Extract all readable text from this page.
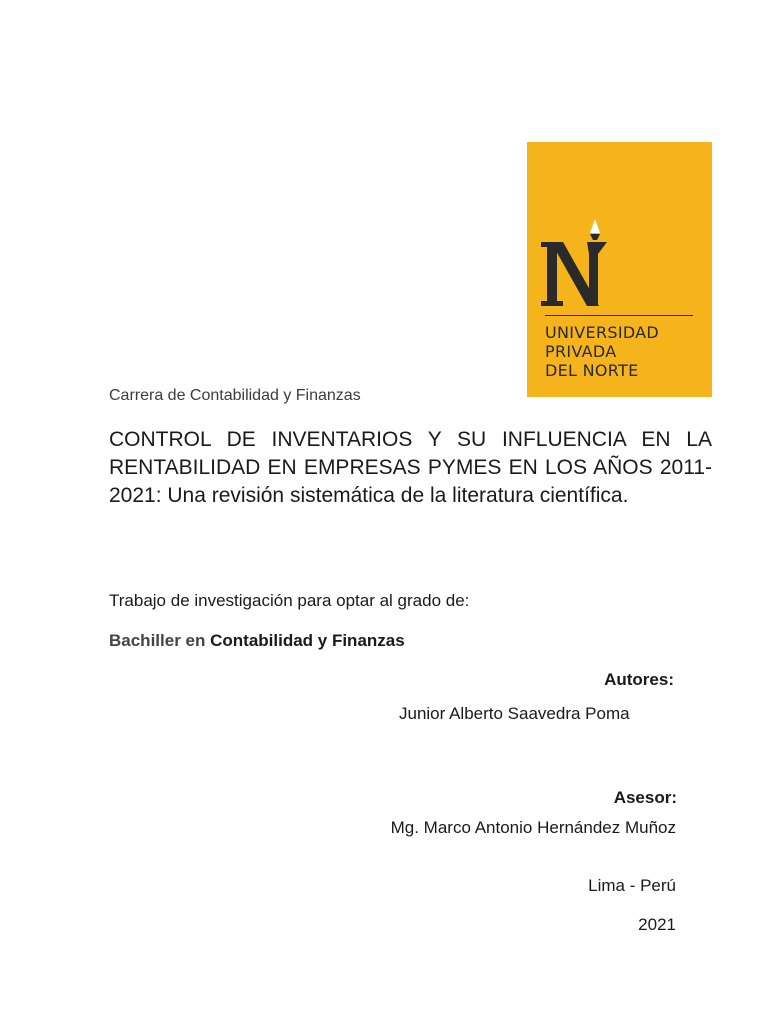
UNIVERSIDAD
PRIVADA
DEL NORTE
Carrera de Contabilidad y Finanzas
CONTROL DE INVENTARIOS Y SU INFLUENCIA EN LA RENTABILIDAD EN EMPRESAS PYMES EN LOS AÑOS 2011-2021: Una revisión sistemática de la literatura científica.
Trabajo de investigación para optar al grado de:
Bachiller en Contabilidad y Finanzas
Autores:
Junior Alberto Saavedra Poma
Asesor:
Mg. Marco Antonio Hernández Muñoz
Lima - Perú
2021
